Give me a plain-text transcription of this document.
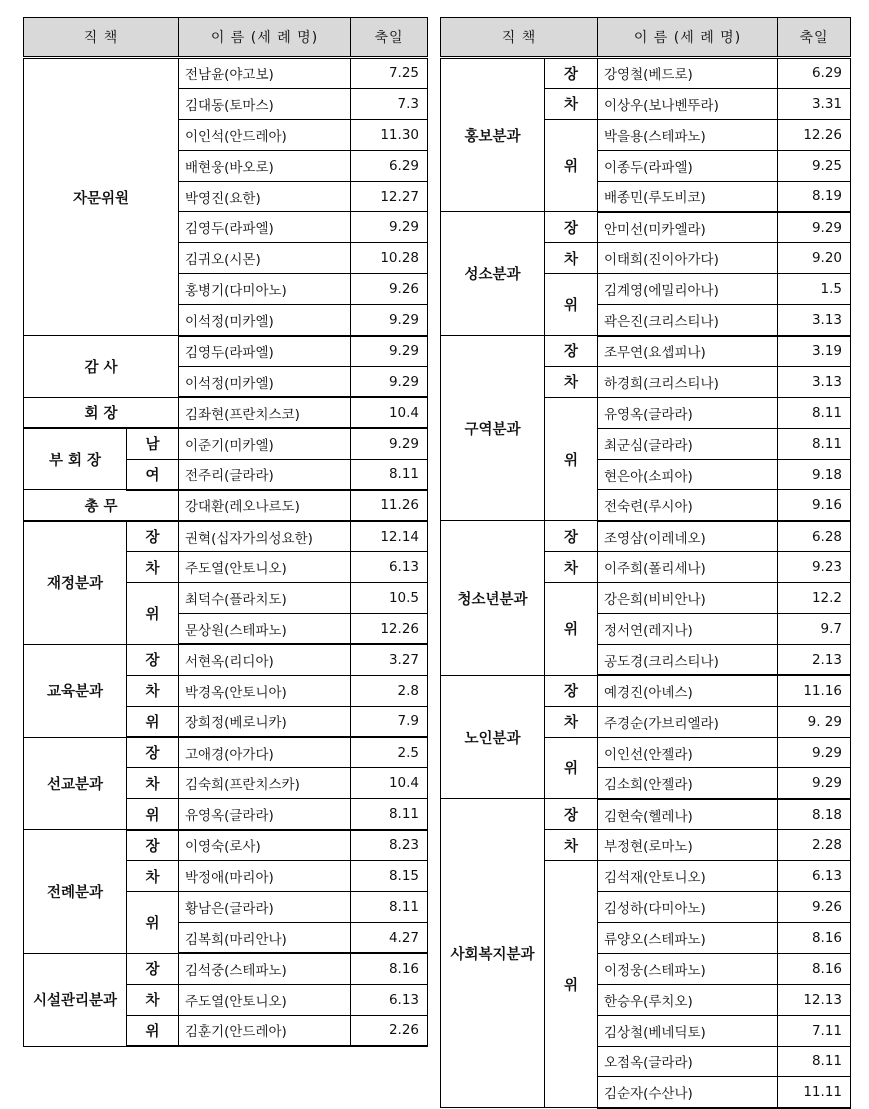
직 책		이 름 (세 례 명)	축일
자문위원		전남윤(야고보)	7.25
		김대동(토마스)	7.3
		이인석(안드레아)	11.30
		배현웅(바오로)	6.29
		박영진(요한)	12.27
		김영두(라파엘)	9.29
		김귀오(시몬)	10.28
		홍병기(다미아노)	9.26
		이석정(미카엘)	9.29
감 사		김영두(라파엘)	9.29
		이석정(미카엘)	9.29
회 장		김좌현(프란치스코)	10.4
부 회 장	남	이준기(미카엘)	9.29
	여	전주리(글라라)	8.11
총 무		강대환(레오나르도)	11.26
재정분과	장	권혁(십자가의성요한)	12.14
	차	주도열(안토니오)	6.13
	위	최덕수(플라치도)	10.5
		문상원(스테파노)	12.26
교육분과	장	서현옥(리디아)	3.27
	차	박경옥(안토니아)	2.8
	위	장희정(베로니카)	7.9
선교분과	장	고애경(아가다)	2.5
	차	김숙희(프란치스카)	10.4
	위	유영옥(글라라)	8.11
전례분과	장	이영숙(로사)	8.23
	차	박정애(마리아)	8.15
	위	황남은(글라라)	8.11
		김복희(마리안나)	4.27
시설관리분과	장	김석중(스테파노)	8.16
	차	주도열(안토니오)	6.13
	위	김훈기(안드레아)	2.26
직 책		이 름 (세 례 명)	축일
홍보분과	장	강영철(베드로)	6.29
	차	이상우(보나벤뚜라)	3.31
	위	박을용(스테파노)	12.26
		이종두(라파엘)	9.25
		배종민(루도비코)	8.19
성소분과	장	안미선(미카엘라)	9.29
	차	이태희(진이아가다)	9.20
	위	김계영(에밀리아나)	1.5
		곽은진(크리스티나)	3.13
구역분과	장	조무연(요셉피나)	3.19
	차	하경희(크리스티나)	3.13
	위	유영옥(글라라)	8.11
		최군심(글라라)	8.11
		현은아(소피아)	9.18
		전숙련(루시아)	9.16
청소년분과	장	조영삼(이레네오)	6.28
	차	이주희(폴리세나)	9.23
	위	강은희(비비안나)	12.2
		정서연(레지나)	9.7
		공도경(크리스티나)	2.13
노인분과	장	예경진(아녜스)	11.16
	차	주경순(가브리엘라)	9. 29
	위	이인선(안젤라)	9.29
		김소희(안젤라)	9.29
사회복지분과	장	김현숙(헬레나)	8.18
	차	부정현(로마노)	2.28
	위	김석재(안토니오)	6.13
		김성하(다미아노)	9.26
		류양오(스테파노)	8.16
		이정웅(스테파노)	8.16
		한승우(루치오)	12.13
		김상철(베네딕토)	7.11
		오점옥(글라라)	8.11
		김순자(수산나)	11.11
